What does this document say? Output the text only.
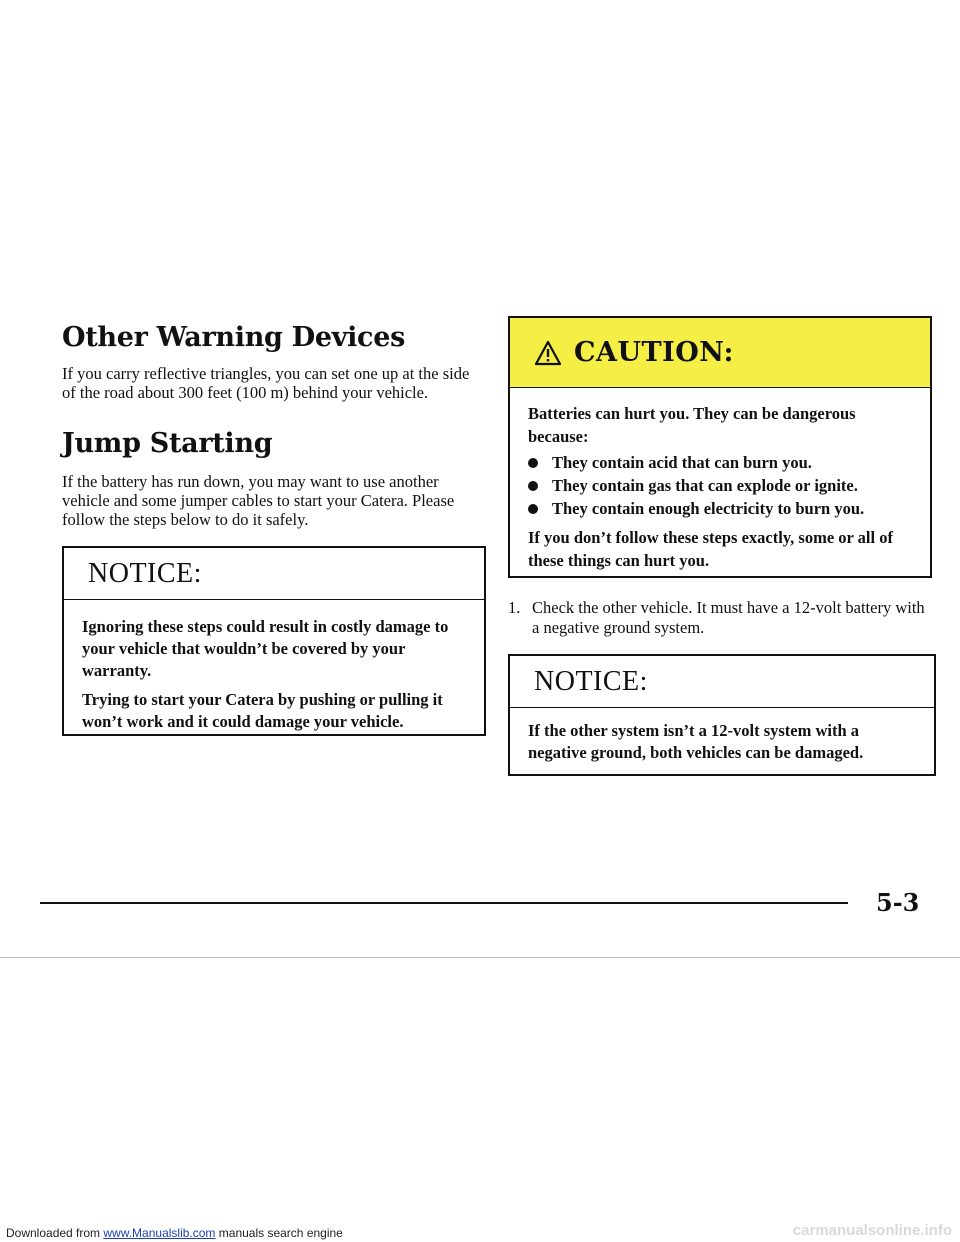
Other Warning Devices

If you carry reflective triangles, you can set one up at the side of the road about 300 feet (100 m) behind your vehicle.

Jump Starting

If the battery has run down, you may want to use another vehicle and some jumper cables to start your Catera. Please follow the steps below to do it safely.

NOTICE:

Ignoring these steps could result in costly damage to your vehicle that wouldn’t be covered by your warranty.

Trying to start your Catera by pushing or pulling it won’t work and it could damage your vehicle.

CAUTION:

Batteries can hurt you. They can be dangerous because:

They contain acid that can burn you.
They contain gas that can explode or ignite.
They contain enough electricity to burn you.

If you don’t follow these steps exactly, some or all of these things can hurt you.

1. Check the other vehicle. It must have a 12-volt battery with a negative ground system.
NOTICE:

If the other system isn’t a 12-volt system with a negative ground, both vehicles can be damaged.

5-3
Downloaded from www.Manualslib.com manuals search engine	carmanualsonline.info
